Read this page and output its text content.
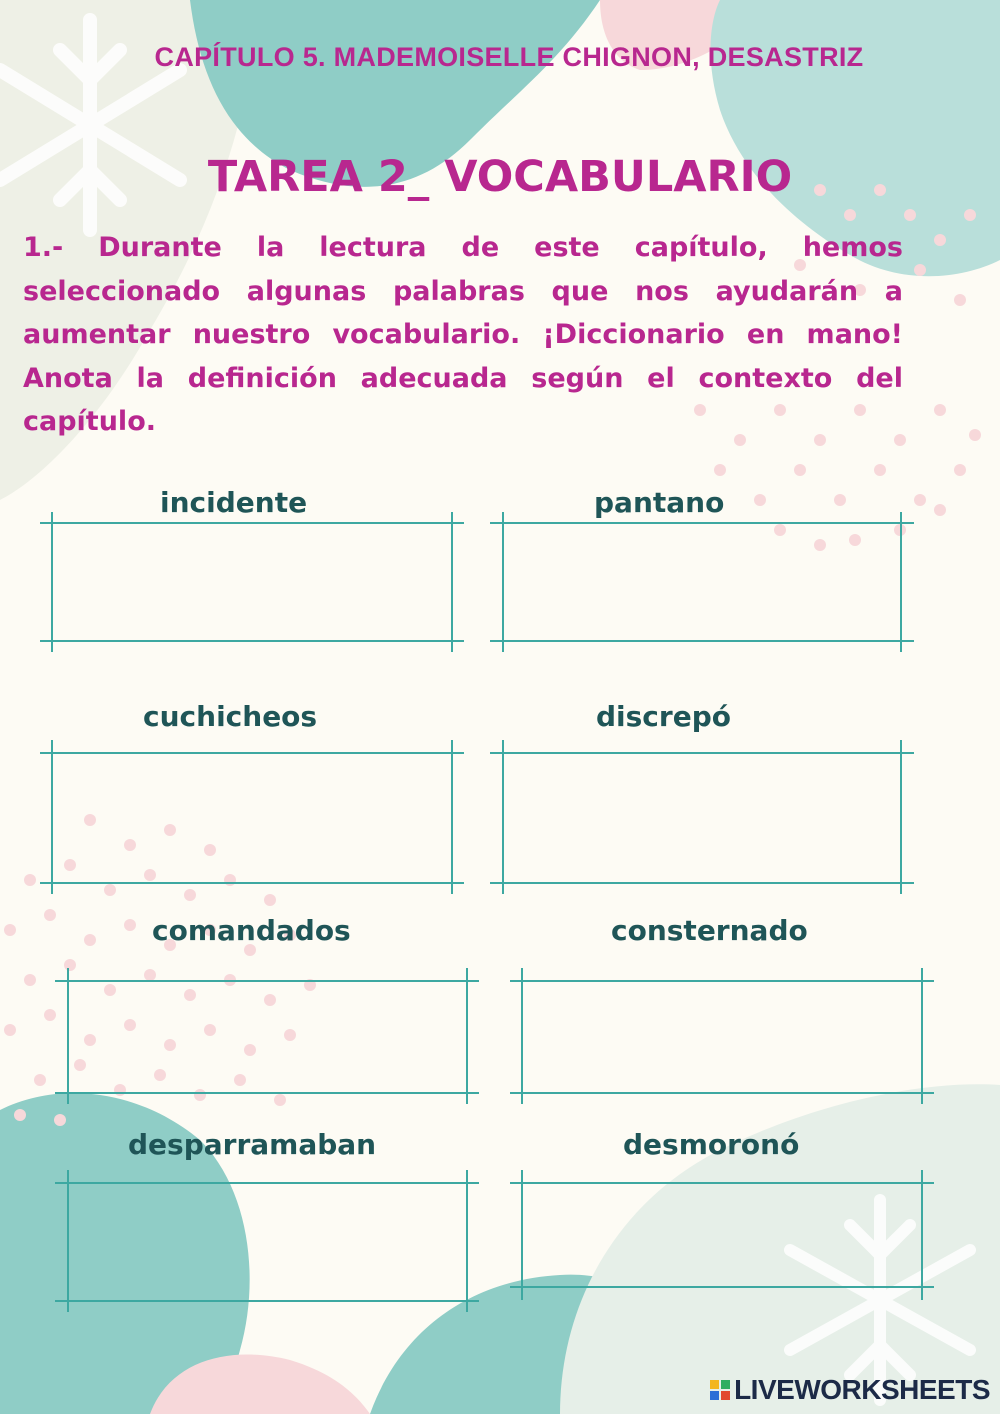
CAPÍTULO 5. MADEMOISELLE CHIGNON, DESASTRIZ
TAREA 2_ VOCABULARIO
1.- Durante la lectura de este capítulo, hemos seleccionado algunas palabras que nos ayudarán a aumentar nuestro vocabulario. ¡Diccionario en mano! Anota la definición adecuada según el contexto del capítulo.
incidente	pantano
cuchicheos	discrepó
comandados	consternado
desparramaban	desmoronó
LIVEWORKSHEETS
